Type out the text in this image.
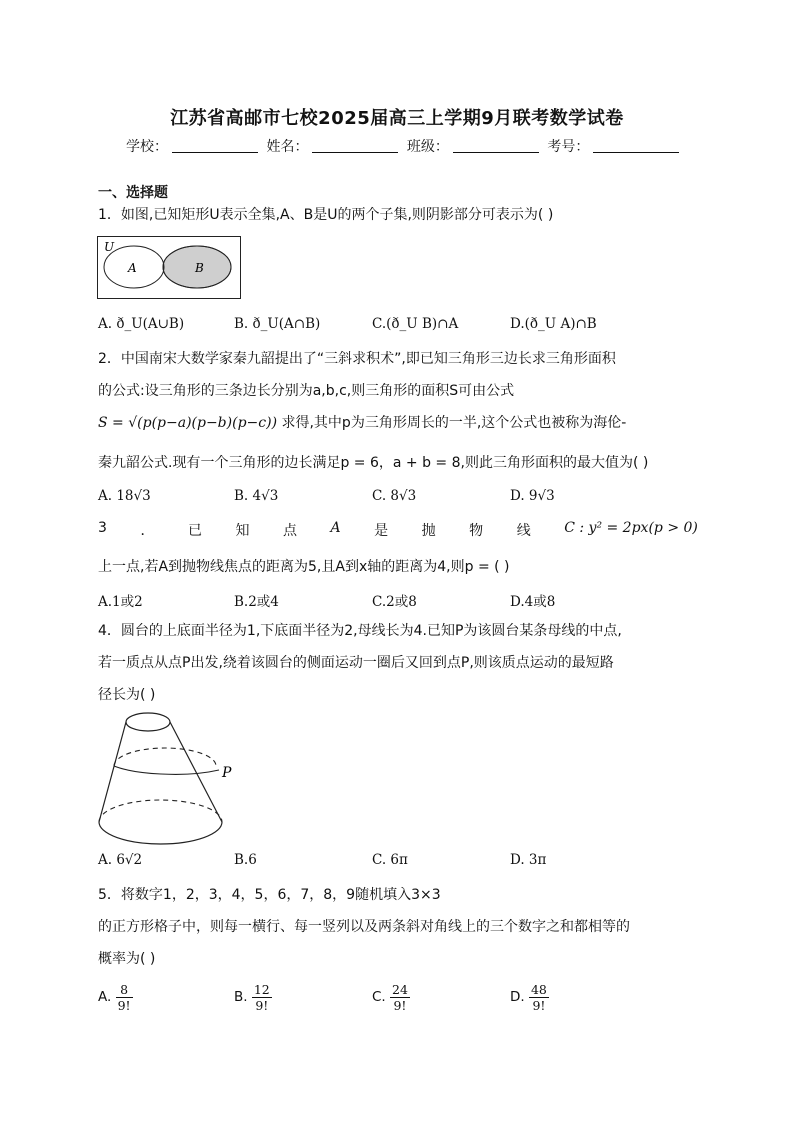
江苏省高邮市七校2025届高三上学期9月联考数学试卷
学校：	姓名：	班级：	考号：
一、选择题
1．如图,已知矩形U表示全集,A、B是U的两个子集,则阴影部分可表示为( )
U
A	B
A. ð_U(A∪B)	B. ð_U(A∩B)	C.(ð_U B)∩A	D.(ð_U A)∩B
2．中国南宋大数学家秦九韶提出了“三斜求积术”,即已知三角形三边长求三角形面积
的公式:设三角形的三条边长分别为a,b,c,则三角形的面积S可由公式
S = √(p(p−a)(p−b)(p−c)) 求得,其中p为三角形周长的一半,这个公式也被称为海伦-
秦九韶公式.现有一个三角形的边长满足p = 6，a + b = 8,则此三角形面积的最大值为( )
A. 18√3	B. 4√3	C. 8√3	D. 9√3
3 ． 已 知 点 A 是 抛 物 线 C : y² = 2px(p > 0)
上一点,若A到抛物线焦点的距离为5,且A到x轴的距离为4,则p = ( )
A.1或2	B.2或4	C.2或8	D.4或8
4．圆台的上底面半径为1,下底面半径为2,母线长为4.已知P为该圆台某条母线的中点,
若一质点从点P出发,绕着该圆台的侧面运动一圈后又回到点P,则该质点运动的最短路
径长为( )
P
A. 6√2	B.6	C. 6π	D. 3π
5．将数字1，2，3，4，5，6，7，8，9随机填入3×3
的正方形格子中，则每一横行、每一竖列以及两条斜对角线上的三个数字之和都相等的
概率为( )
A. $\frac{8}{9!}$	B. $\frac{12}{9!}$	C. $\frac{24}{9!}$	D. $\frac{48}{9!}$
